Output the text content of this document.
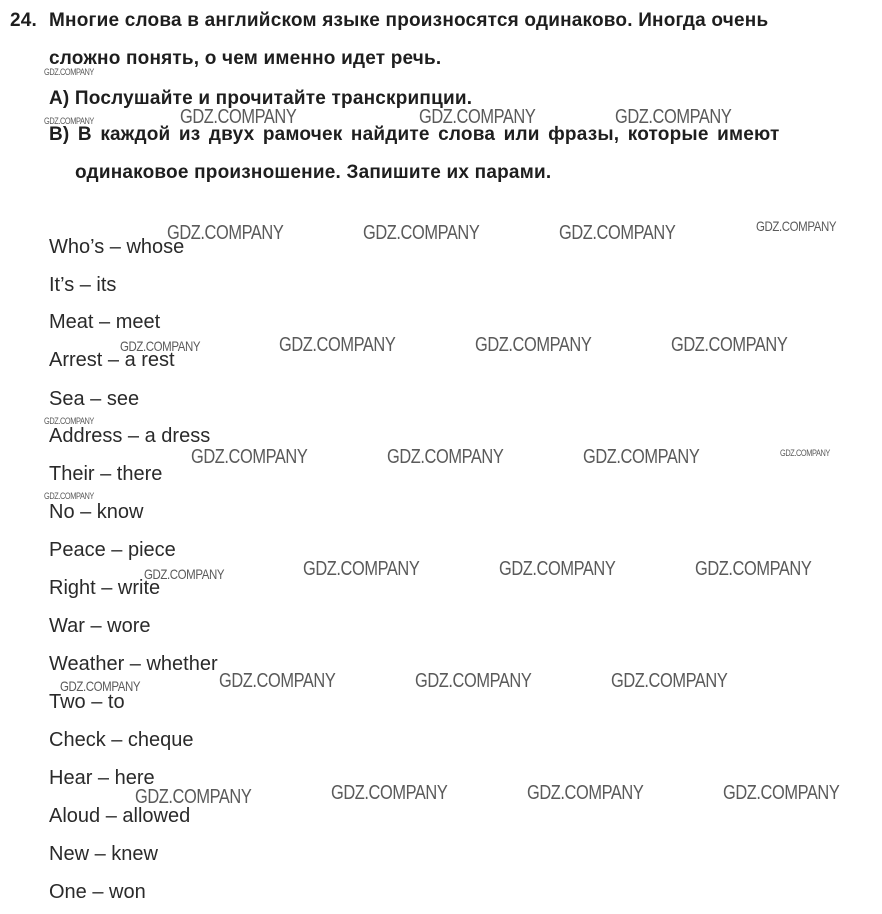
24. Многие слова в английском языке произносятся одинаково. Иногда очень
сложно понять, о чем именно идет речь.
A) Послушайте и прочитайте транскрипции.
B) В каждой из двух рамочек найдите слова или фразы, которые имеют
одинаковое произношение. Запишите их парами.
Who’s – whose
It’s – its
Meat – meet
Arrest – a rest
Sea – see
Address – a dress
Their – there
No – know
Peace – piece
Right – write
War – wore
Weather – whether
Two – to
Check – cheque
Hear – here
Aloud – allowed
New – knew
One – won
GDZ.COMPANY
GDZ.COMPANY
GDZ.COMPANY
GDZ.COMPANY
GDZ.COMPANY
GDZ.COMPANY
GDZ.COMPANY
GDZ.COMPANY
GDZ.COMPANY
GDZ.COMPANY	GDZ.COMPANY	GDZ.COMPANY
GDZ.COMPANY	GDZ.COMPANY	GDZ.COMPANY
GDZ.COMPANY	GDZ.COMPANY	GDZ.COMPANY
GDZ.COMPANY	GDZ.COMPANY	GDZ.COMPANY
GDZ.COMPANY	GDZ.COMPANY	GDZ.COMPANY
GDZ.COMPANY	GDZ.COMPANY	GDZ.COMPANY
GDZ.COMPANY	GDZ.COMPANY	GDZ.COMPANY	GDZ.COMPANY
